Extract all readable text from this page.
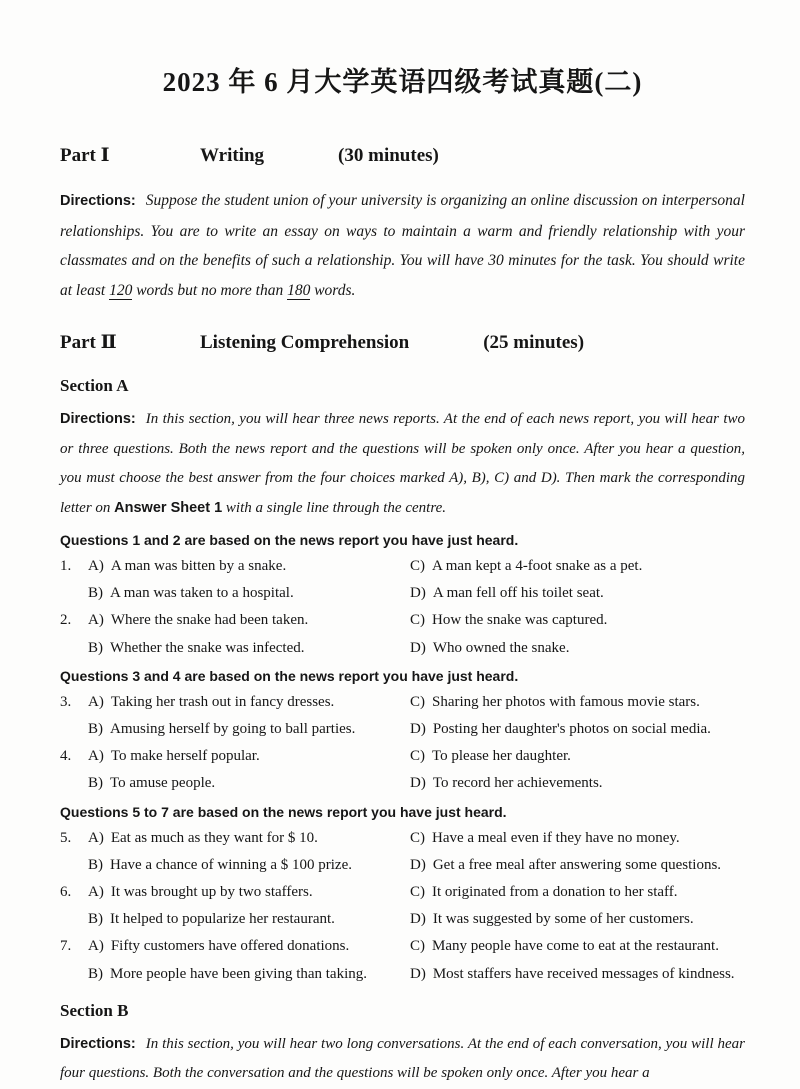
2023 年 6 月大学英语四级考试真题(二)
Part Ⅰ	Writing	(30 minutes)

Directions: Suppose the student union of your university is organizing an online discussion on interpersonal relationships. You are to write an essay on ways to maintain a warm and friendly relationship with your classmates and on the benefits of such a relationship. You will have 30 minutes for the task. You should write at least 120 words but no more than 180 words.

Part Ⅱ	Listening Comprehension	(25 minutes)
Section A

Directions: In this section, you will hear three news reports. At the end of each news report, you will hear two or three questions. Both the news report and the questions will be spoken only once. After you hear a question, you must choose the best answer from the four choices marked A), B), C) and D). Then mark the corresponding letter on Answer Sheet 1 with a single line through the centre.

Questions 1 and 2 are based on the news report you have just heard.
1.	A) A man was bitten by a snake.	C) A man kept a 4-foot snake as a pet.
B) A man was taken to a hospital.	D) A man fell off his toilet seat.
2.	A) Where the snake had been taken.	C) How the snake was captured.
B) Whether the snake was infected.	D) Who owned the snake.
Questions 3 and 4 are based on the news report you have just heard.
3.	A) Taking her trash out in fancy dresses.	C) Sharing her photos with famous movie stars.
B) Amusing herself by going to ball parties.	D) Posting her daughter's photos on social media.
4.	A) To make herself popular.	C) To please her daughter.
B) To amuse people.	D) To record her achievements.
Questions 5 to 7 are based on the news report you have just heard.
5.	A) Eat as much as they want for $ 10.	C) Have a meal even if they have no money.
B) Have a chance of winning a $ 100 prize.	D) Get a free meal after answering some questions.
6.	A) It was brought up by two staffers.	C) It originated from a donation to her staff.
B) It helped to popularize her restaurant.	D) It was suggested by some of her customers.
7.	A) Fifty customers have offered donations.	C) Many people have come to eat at the restaurant.
B) More people have been giving than taking.	D) Most staffers have received messages of kindness.
Section B

Directions: In this section, you will hear two long conversations. At the end of each conversation, you will hear four questions. Both the conversation and the questions will be spoken only once. After you hear a
